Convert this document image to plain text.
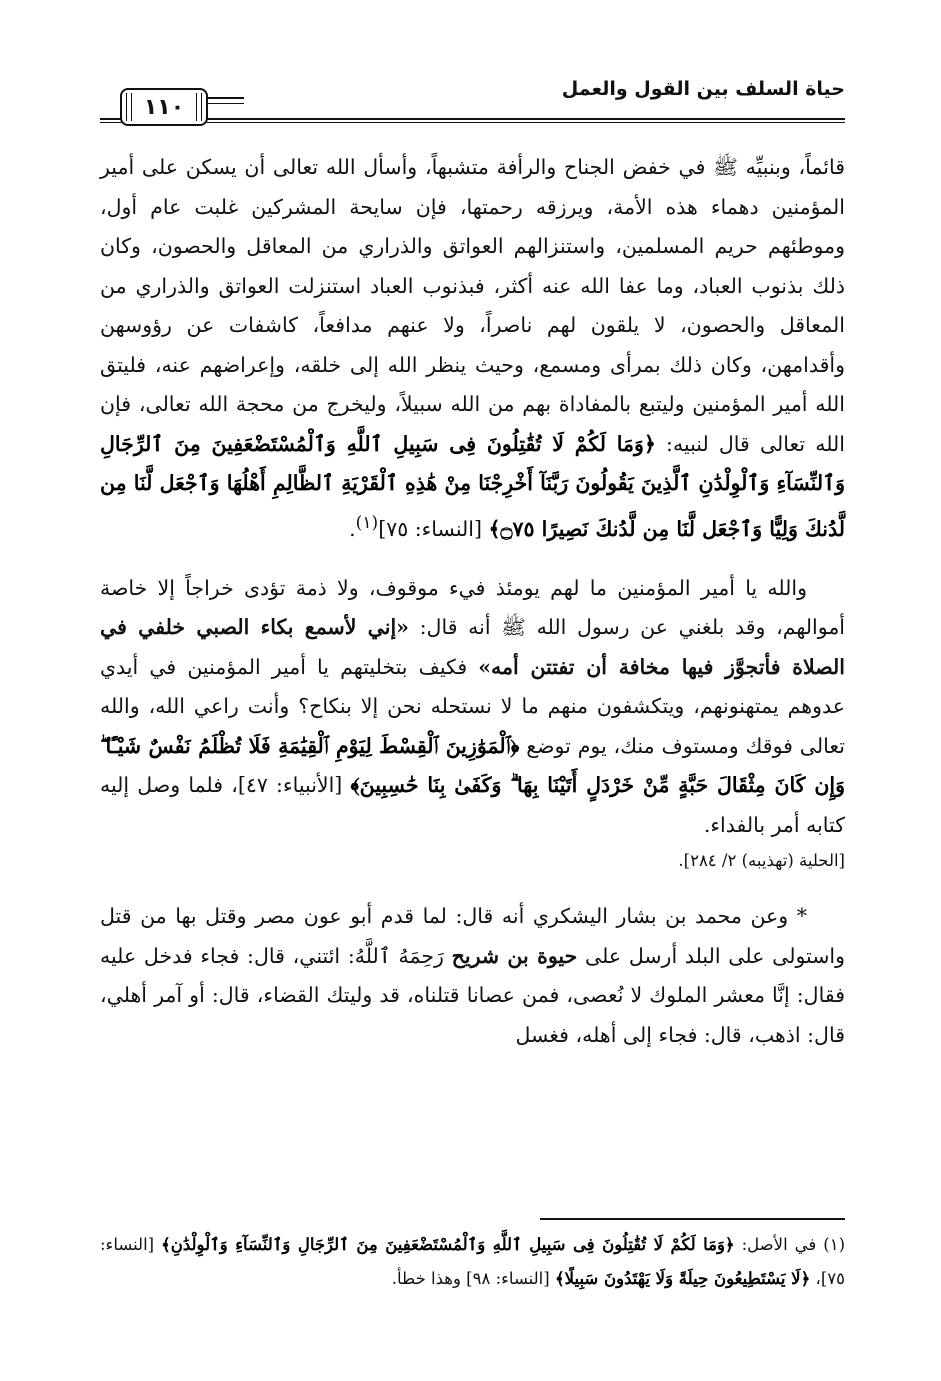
حياة السلف بين القول والعمل
١١٠

قائماً، وبنبيِّه ﷺ في خفض الجناح والرأفة متشبهاً، وأسأل الله تعالى أن يسكن على أمير المؤمنين دهماء هذه الأمة، ويرزقه رحمتها، فإن سايحة المشركين غلبت عام أول، وموطئهم حريم المسلمين، واستنزالهم العواتق والذراري من المعاقل والحصون، وكان ذلك بذنوب العباد، وما عفا الله عنه أكثر، فبذنوب العباد استنزلت العواتق والذراري من المعاقل والحصون، لا يلقون لهم ناصراً، ولا عنهم مدافعاً، كاشفات عن رؤوسهن وأقدامهن، وكان ذلك بمرأى ومسمع، وحيث ينظر الله إلى خلقه، وإعراضهم عنه، فليتق الله أمير المؤمنين وليتبع بالمفاداة بهم من الله سبيلاً، وليخرج من محجة الله تعالى، فإن الله تعالى قال لنبيه: ﴿وَمَا لَكُمْ لَا تُقَٰتِلُونَ فِى سَبِيلِ ٱللَّهِ وَٱلْمُسْتَضْعَفِينَ مِنَ ٱلرِّجَالِ وَٱلنِّسَآءِ وَٱلْوِلْدَٰنِ ٱلَّذِينَ يَقُولُونَ رَبَّنَآ أَخْرِجْنَا مِنْ هَٰذِهِ ٱلْقَرْيَةِ ٱلظَّالِمِ أَهْلُهَا وَٱجْعَل لَّنَا مِن لَّدُنكَ وَلِيًّا وَٱجْعَل لَّنَا مِن لَّدُنكَ نَصِيرًا ۝٧٥﴾ [النساء: ٧٥]$^{(١)}$.

والله يا أمير المؤمنين ما لهم يومئذ فيء موقوف، ولا ذمة تؤدى خراجاً إلا خاصة أموالهم، وقد بلغني عن رسول الله ﷺ أنه قال: «إني لأسمع بكاء الصبي خلفي في الصلاة فأتجوَّز فيها مخافة أن تفتتن أمه» فكيف بتخليتهم يا أمير المؤمنين في أيدي عدوهم يمتهنونهم، ويتكشفون منهم ما لا نستحله نحن إلا بنكاح؟ وأنت راعي الله، والله تعالى فوقك ومستوف منك، يوم توضع ﴿ٱلْمَوَٰزِينَ ٱلْقِسْطَ لِيَوْمِ ٱلْقِيَٰمَةِ فَلَا تُظْلَمُ نَفْسٌ شَيْـًٔا ۖ وَإِن كَانَ مِثْقَالَ حَبَّةٍ مِّنْ خَرْدَلٍ أَتَيْنَا بِهَا ۗ وَكَفَىٰ بِنَا حَٰسِبِينَ﴾ [الأنبياء: ٤٧]، فلما وصل إليه كتابه أمر بالفداء.

[الحلية (تهذيبه) ٢/ ٢٨٤].

* وعن محمد بن بشار اليشكري أنه قال: لما قدم أبو عون مصر وقتل بها من قتل واستولى على البلد أرسل على حيوة بن شريح رَحِمَهُ ٱللَّهُ: ائتني، قال: فجاء فدخل عليه فقال: إنَّا معشر الملوك لا نُعصى، فمن عصانا قتلناه، قد وليتك القضاء، قال: أو آمر أهلي، قال: اذهب، قال: فجاء إلى أهله، فغسل

(١) في الأصل: ﴿وَمَا لَكُمْ لَا تُقَٰتِلُونَ فِى سَبِيلِ ٱللَّهِ وَٱلْمُسْتَضْعَفِينَ مِنَ ٱلرِّجَالِ وَٱلنِّسَآءِ وَٱلْوِلْدَٰنِ﴾ [النساء: ٧٥]، ﴿لَا يَسْتَطِيعُونَ حِيلَةً وَلَا يَهْتَدُونَ سَبِيلًا﴾ [النساء: ٩٨] وهذا خطأ.
